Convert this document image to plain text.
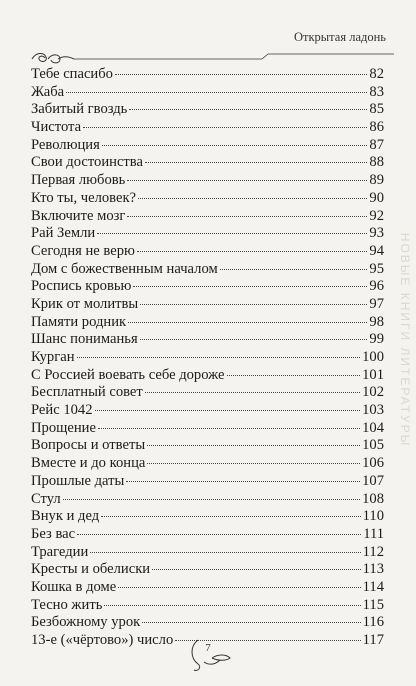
Открытая ладонь
НОВЫЕ КНИГИ ЛИТЕРАТУРЫ
Тебе спасибо	82
Жаба	83
Забитый гвоздь	85
Чистота	86
Революция	87
Свои достоинства	88
Первая любовь	89
Кто ты, человек?	90
Включите мозг	92
Рай Земли	93
Сегодня не верю	94
Дом с божественным началом	95
Роспись кровью	96
Крик от молитвы	97
Памяти родник	98
Шанс пониманья	99
Курган	100
С Россией воевать себе дороже	101
Бесплатный совет	102
Рейс 1042	103
Прощение	104
Вопросы и ответы	105
Вместе и до конца	106
Прошлые даты	107
Стул	108
Внук и дед	110
Без вас	111
Трагедии	112
Кресты и обелиски	113
Кошка в доме	114
Тесно жить	115
Безбожному урок	116
13-е («чёртово») число	117
7
